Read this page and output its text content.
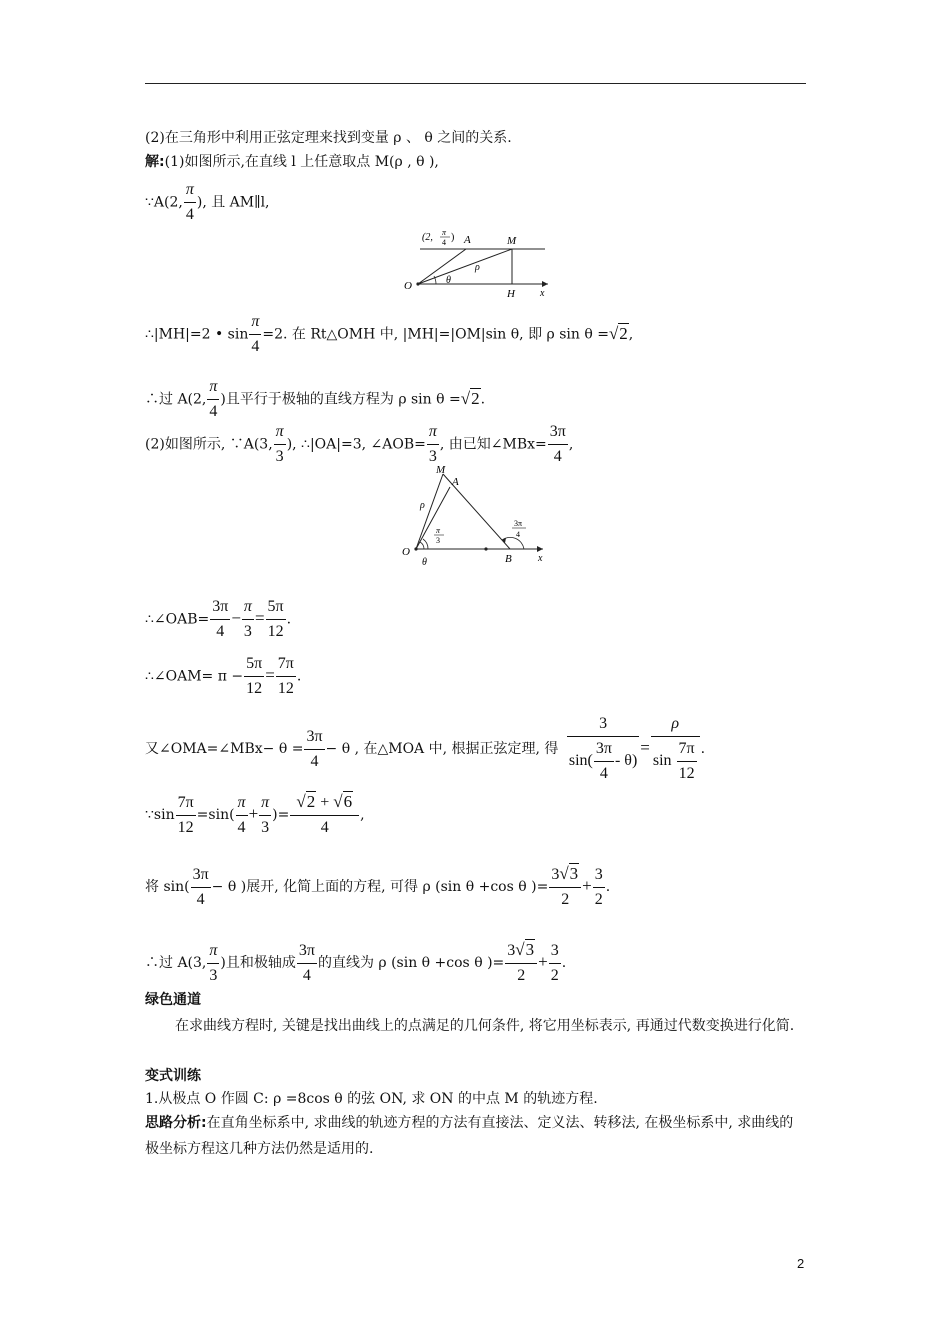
(2)在三角形中利用正弦定理来找到变量 ρ 、 θ 之间的关系.
解:(1)如图所示,在直线 l 上任意取点 M(ρ , θ ),
∵A(2, $\frac{\pi}{4}$ ), 且 AM∥l,
(2, π
4 ) A	M
O
H	x
θ
ρ
∴|MH|=2 • $\sin \frac{\pi}{4} =2$. 在 Rt△OMH 中, |MH|=|OM|sin θ, 即 ρ sin θ =√2,
∴过 A(2, $\frac{\pi}{4}$ )且平行于极轴的直线方程为 ρ sin θ =√2.
(2)如图所示, ∵A(3, $\frac{\pi}{3}$ ), ∴|OA|=3, ∠AOB= $\frac{\pi}{3}$ , 由已知∠MBx= $\frac{3\pi}{4}$ ,
M
A
O
B	x
θ
ρ
π
3
3π
4
∴∠OAB= $\frac{3\pi}{4} - \frac{\pi}{3} = \frac{5\pi}{12}$ .
∴∠OAM= $\pi - \frac{5\pi}{12} = \frac{7\pi}{12}$ .
又∠OMA=∠MBx− $\theta = \frac{3\pi}{4} - \theta$ , 在△MOA 中, 根据正弦定理, 得 $\frac{3}{\sin( \frac{3\pi}{4} - \theta)} = \frac{\rho}{\sin \frac{7\pi}{12}}$ .
∵sin $\frac{7\pi}{12} =\sin( \frac{\pi}{4} + \frac{\pi}{3}$ )= $\frac{√2 + √6}{4}$ ,
将 $\sin( \frac{3\pi}{4} - \theta$ )展开, 化简上面的方程, 可得 ρ (sin θ +cos θ )= $\frac{3√3}{2} + \frac{3}{2}$ .
∴过 A(3, $\frac{\pi}{3}$ )且和极轴成 $\frac{3\pi}{4}$ 的直线为 ρ (sin θ +cos θ )= $\frac{3√3}{2} + \frac{3}{2}$ .
绿色通道
在求曲线方程时, 关键是找出曲线上的点满足的几何条件, 将它用坐标表示, 再通过代数变换进行化简.
变式训练
1.从极点 O 作圆 C: ρ =8cos θ 的弦 ON, 求 ON 的中点 M 的轨迹方程.
思路分析:在直角坐标系中, 求曲线的轨迹方程的方法有直接法、定义法、转移法, 在极坐标系中, 求曲线的极坐标方程这几种方法仍然是适用的.
2
